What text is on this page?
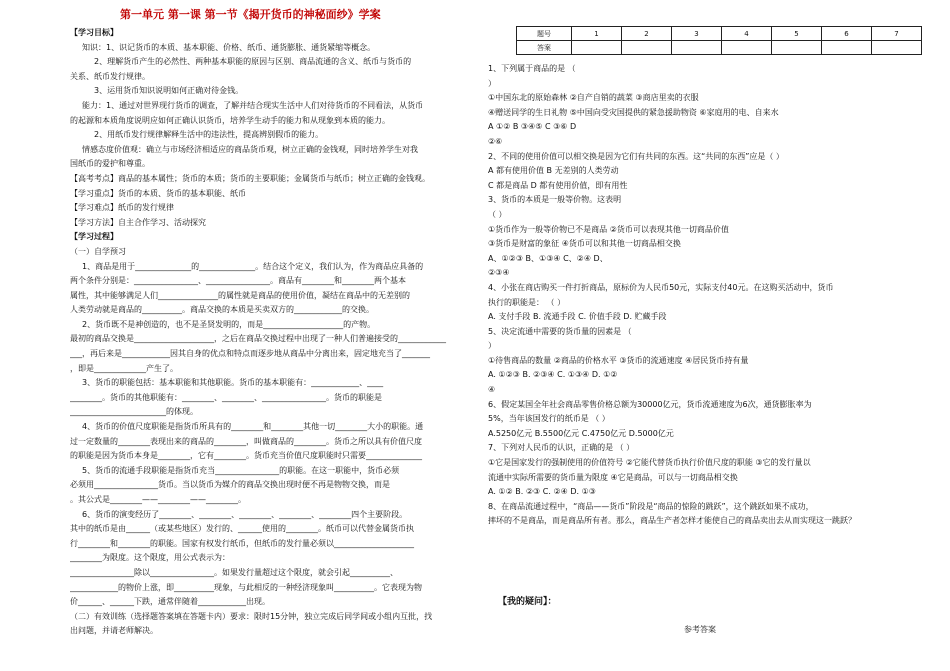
第一单元 第一课 第一节《揭开货币的神秘面纱》学案
【学习目标】
知识：1、识记货币的本质、基本职能、价格、纸币、通货膨胀、通货紧缩等概念。
2、理解货币产生的必然性、两种基本职能的原因与区别、商品流通的含义、纸币与货币的
关系、纸币发行规律。
3、运用货币知识说明如何正确对待金钱。
能力：1、通过对世界现行货币的调查，了解并结合现实生活中人们对待货币的不同看法，从货币
的起源和本质角度说明应如何正确认识货币，培养学生动手的能力和从现象到本质的能力。
2、用纸币发行规律解释生活中的违法性，提高辨别假币的能力。
情感态度价值观：确立与市场经济相适应的商品货币观，树立正确的金钱观，同时培养学生对我
国纸币的爱护和尊重。
【高考考点】商品的基本属性；货币的本质；货币的主要职能；金属货币与纸币；树立正确的金钱观。
【学习重点】货币的本质、货币的基本职能、纸币
【学习难点】纸币的发行规律
【学习方法】自主合作学习、活动探究
【学习过程】
（一）自学预习
1、商品是用于______________的______________。结合这个定义，我们认为，作为商品应具备的
两个条件分别是：________________、________________。商品有________和________两个基本
属性，其中能够满足人们_______________的属性就是商品的使用价值，凝结在商品中的无差别的
人类劳动就是商品的__________。商品交换的本质是买卖双方的____________的交换。
2、货币既不是神创造的，也不是圣贤发明的，而是____________________的产物。
最初的商品交换是____________________，之后在商品交换过程中出现了一种人们普遍接受的____________
___，再后来是____________因其自身的优点和特点而逐步地从商品中分离出来，固定地充当了_______
，即是_____________产生了。
3、货币的职能包括：基本职能和其他职能。货币的基本职能有：____________、____
________。货币的其他职能有：________、________、________________。货币的职能是
________________________的体现。
4、货币的价值尺度职能是指货币所具有的________和________其他一切________大小的职能。通
过一定数量的________表现出来的商品的________，叫做商品的________。货币之所以具有价值尺度
的职能是因为货币本身是________，它有________。货币充当价值尺度职能时只需要______________
5、货币的流通手段职能是指货币充当________________的职能。在这一职能中，货币必须
必须用________________货币。当以货币为媒介的商品交换出现时便不再是物物交换，而是
。其公式是________——________——________。
6、货币的演变经历了________、________、________、________、________四个主要阶段。
其中的纸币是由______（或某些地区）发行的、______使用的________。纸币可以代替金属货币执
行________和________的职能。国家有权发行纸币，但纸币的发行量必须以____________________
________为限度。这个限度，用公式表示为：
________________除以________________。如果发行量超过这个限度，就会引起__________、
____________的物价上涨，即__________现象，与此相反的一种经济现象叫__________。它表现为物
价______、______下跌，通常伴随着____________出现。
（二）有效训练（选择题答案填在答题卡内）要求：限时15分钟，独立完成后同学间或小组内互批，找
出问题，并请老师解决。
题号	1	2	3	4	5	6	7
答案							
1、下列属于商品的是 （
）
①中国东北的原始森林 ②自产自销的蔬菜 ③商店里卖的衣服
④赠送同学的生日礼物 ⑤中国向受灾国提供的紧急援助物资 ⑥家庭用的电、自来水
A ①② B ③④⑤ C ③⑥ D
②⑥
2、不同的使用价值可以相交换是因为它们有共同的东西。这“共同的东西”应是（ ）
A 都有使用价值 B 无差别的人类劳动
C 都是商品 D 都有使用价值，即有用性
3、货币的本质是一般等价物。这表明
（ ）
①货币作为一般等价物已不是商品 ②货币可以表现其他一切商品价值
③货币是财富的象征 ④货币可以和其他一切商品相交换
A、①②③ B、①③④ C、②④ D、
②③④
4、小张在商店购买一件打折商品，原标价为人民币50元，实际支付40元。在这购买活动中，货币
执行的职能是： （ ）
A. 支付手段 B. 流通手段 C. 价值手段 D. 贮藏手段
5、决定流通中需要的货币量的因素是 （
）
①待售商品的数量 ②商品的价格水平 ③货币的流通速度 ④居民货币持有量
A. ①②③ B. ②③④ C. ①③④ D. ①②
④
6、假定某国全年社会商品零售价格总额为30000亿元，货币流通速度为6次，通货膨胀率为
5%，当年该国发行的纸币是 （ ）
A.5250亿元 B.5500亿元 C.4750亿元 D.5000亿元
7、下列对人民币的认识，正确的是 （ ）
①它是国家发行的强制使用的价值符号 ②它能代替货币执行价值尺度的职能 ③它的发行量以
流通中实际所需要的货币量为限度 ④它是商品，可以与一切商品相交换
A. ①② B. ②③ C. ②④ D. ①③
8、在商品流通过程中，“商品——货币”阶段是“商品的惊险的跳跃”，这个跳跃如果不成功，
摔坏的不是商品，而是商品所有者。那么，商品生产者怎样才能使自己的商品卖出去从而实现这一跳跃？
【我的疑问】：
参考答案
